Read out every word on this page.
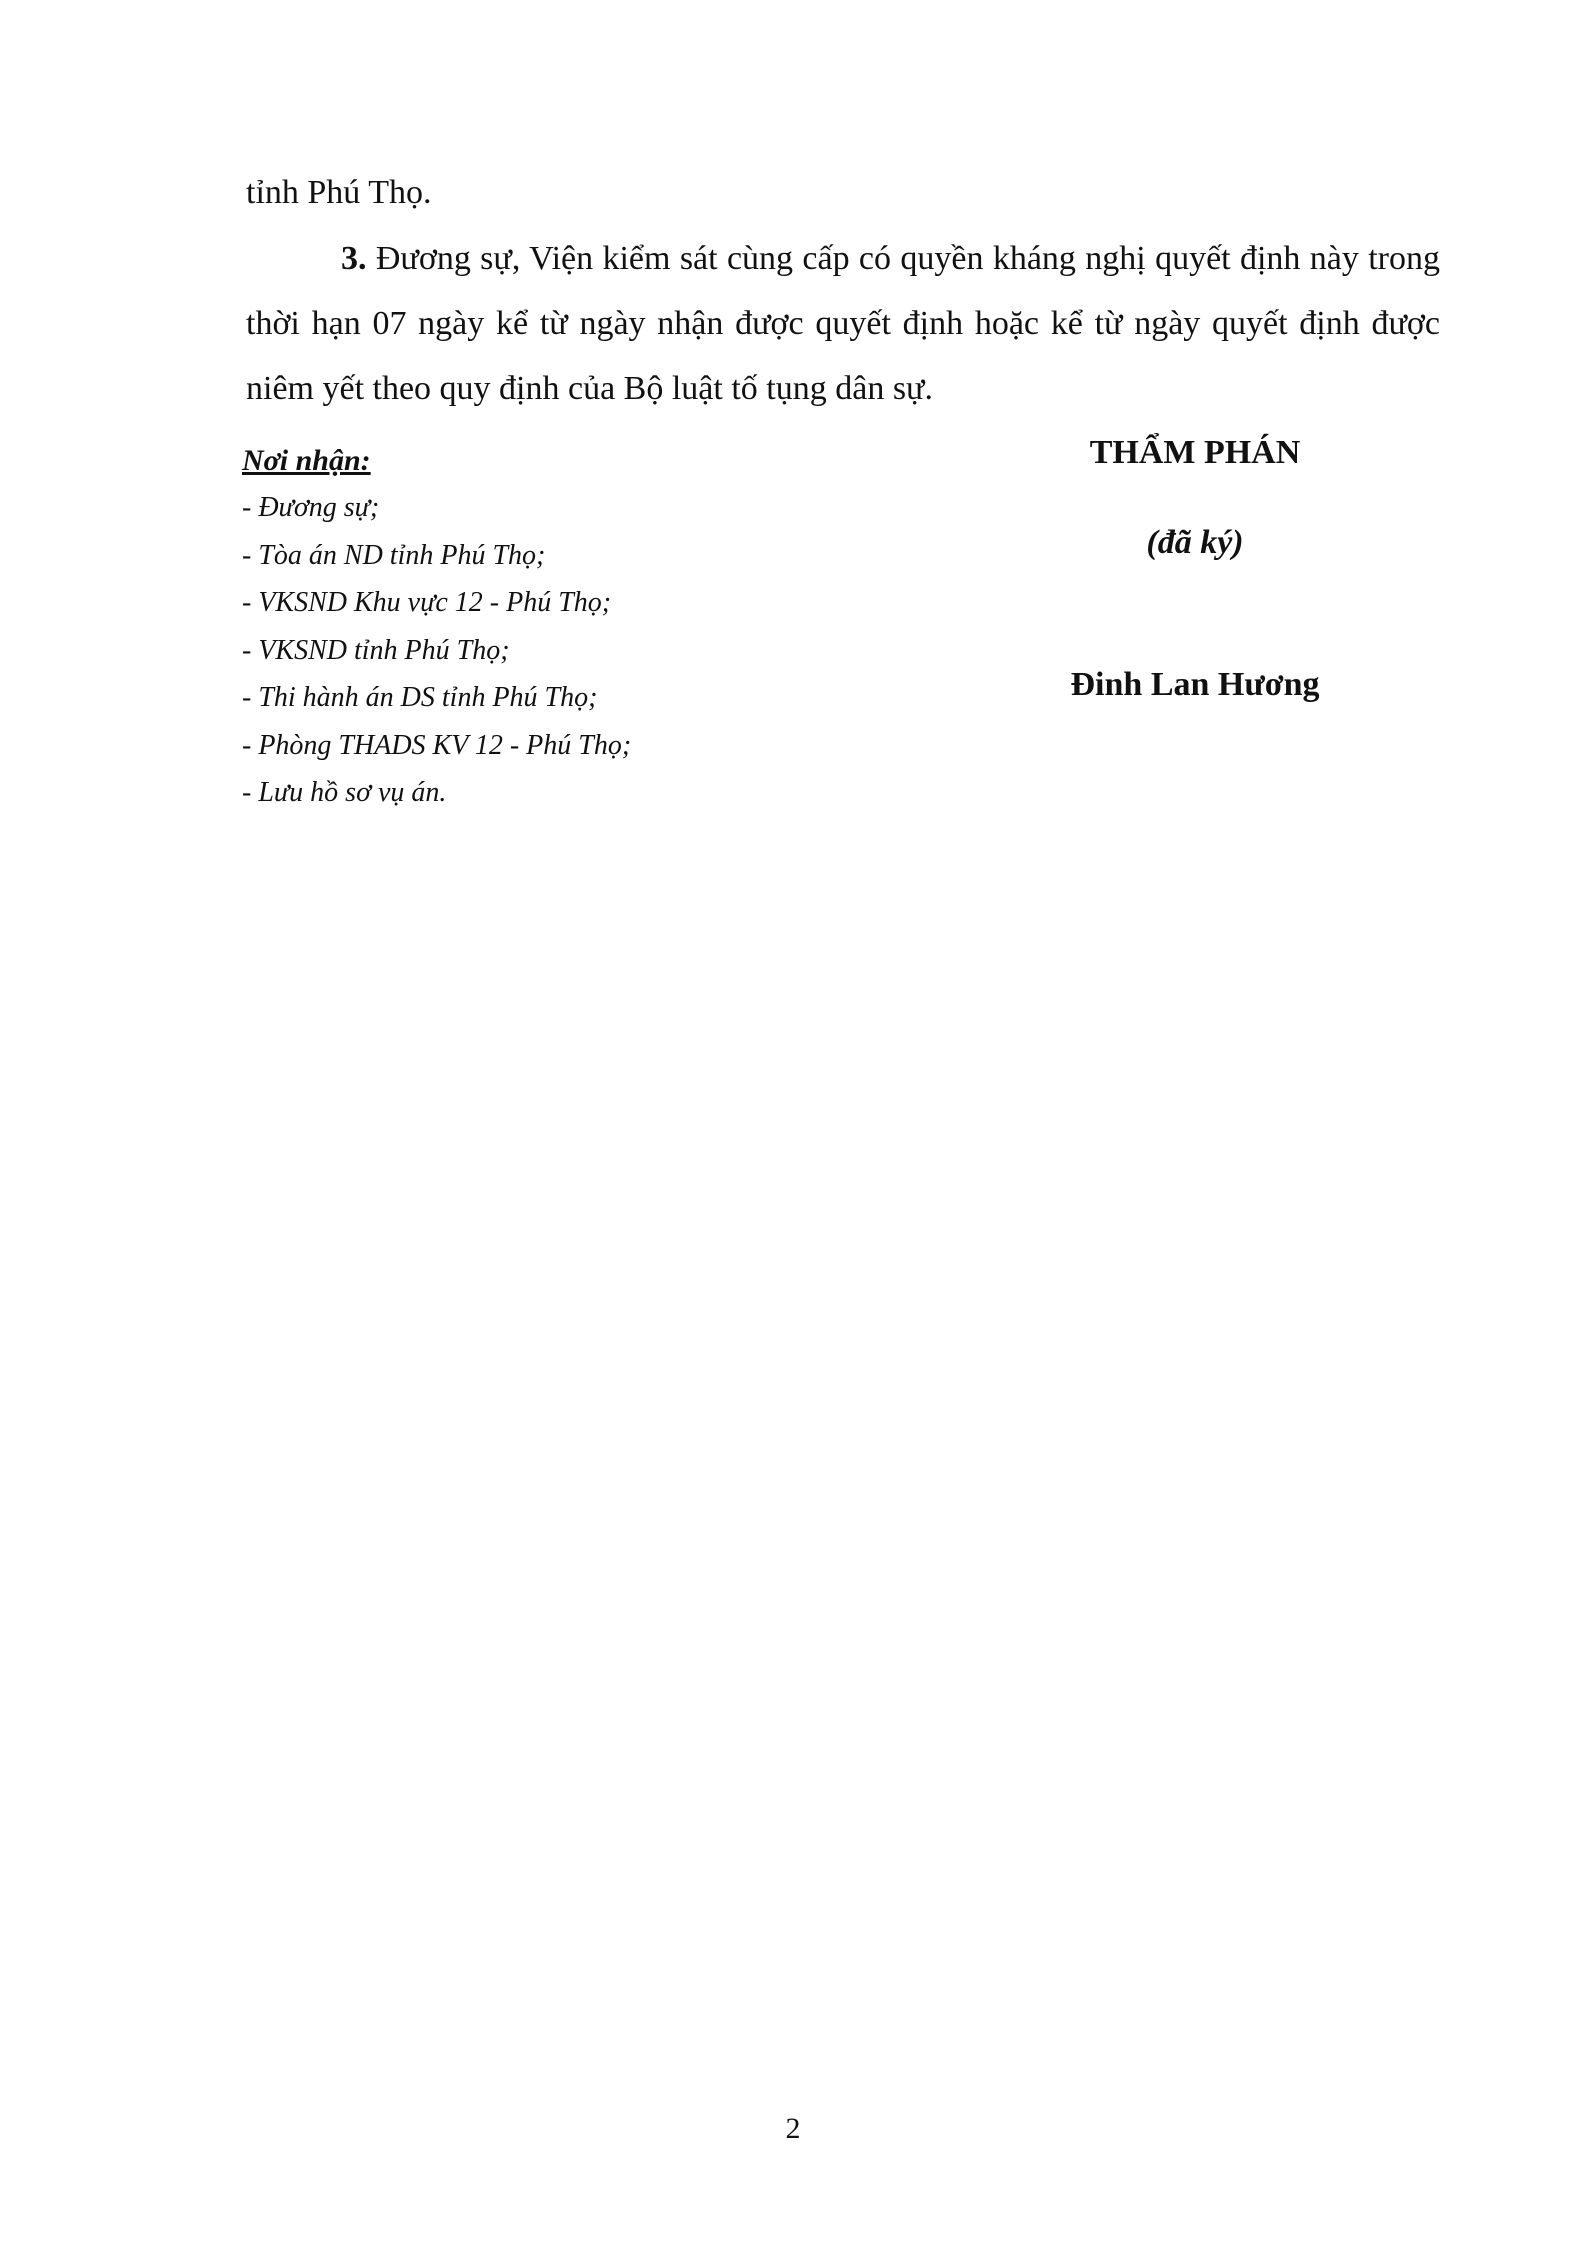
tỉnh Phú Thọ.
3. Đương sự, Viện kiểm sát cùng cấp có quyền kháng nghị quyết định này trong thời hạn 07 ngày kể từ ngày nhận được quyết định hoặc kể từ ngày quyết định được niêm yết theo quy định của Bộ luật tố tụng dân sự.
Nơi nhận:
- Đương sự;
- Tòa án ND tỉnh Phú Thọ;
- VKSND Khu vực 12 - Phú Thọ;
- VKSND tỉnh Phú Thọ;
- Thi hành án DS tỉnh Phú Thọ;
- Phòng THADS KV 12 - Phú Thọ;
- Lưu hồ sơ vụ án.
THẨM PHÁN
(đã ký)
Đinh Lan Hương
2
